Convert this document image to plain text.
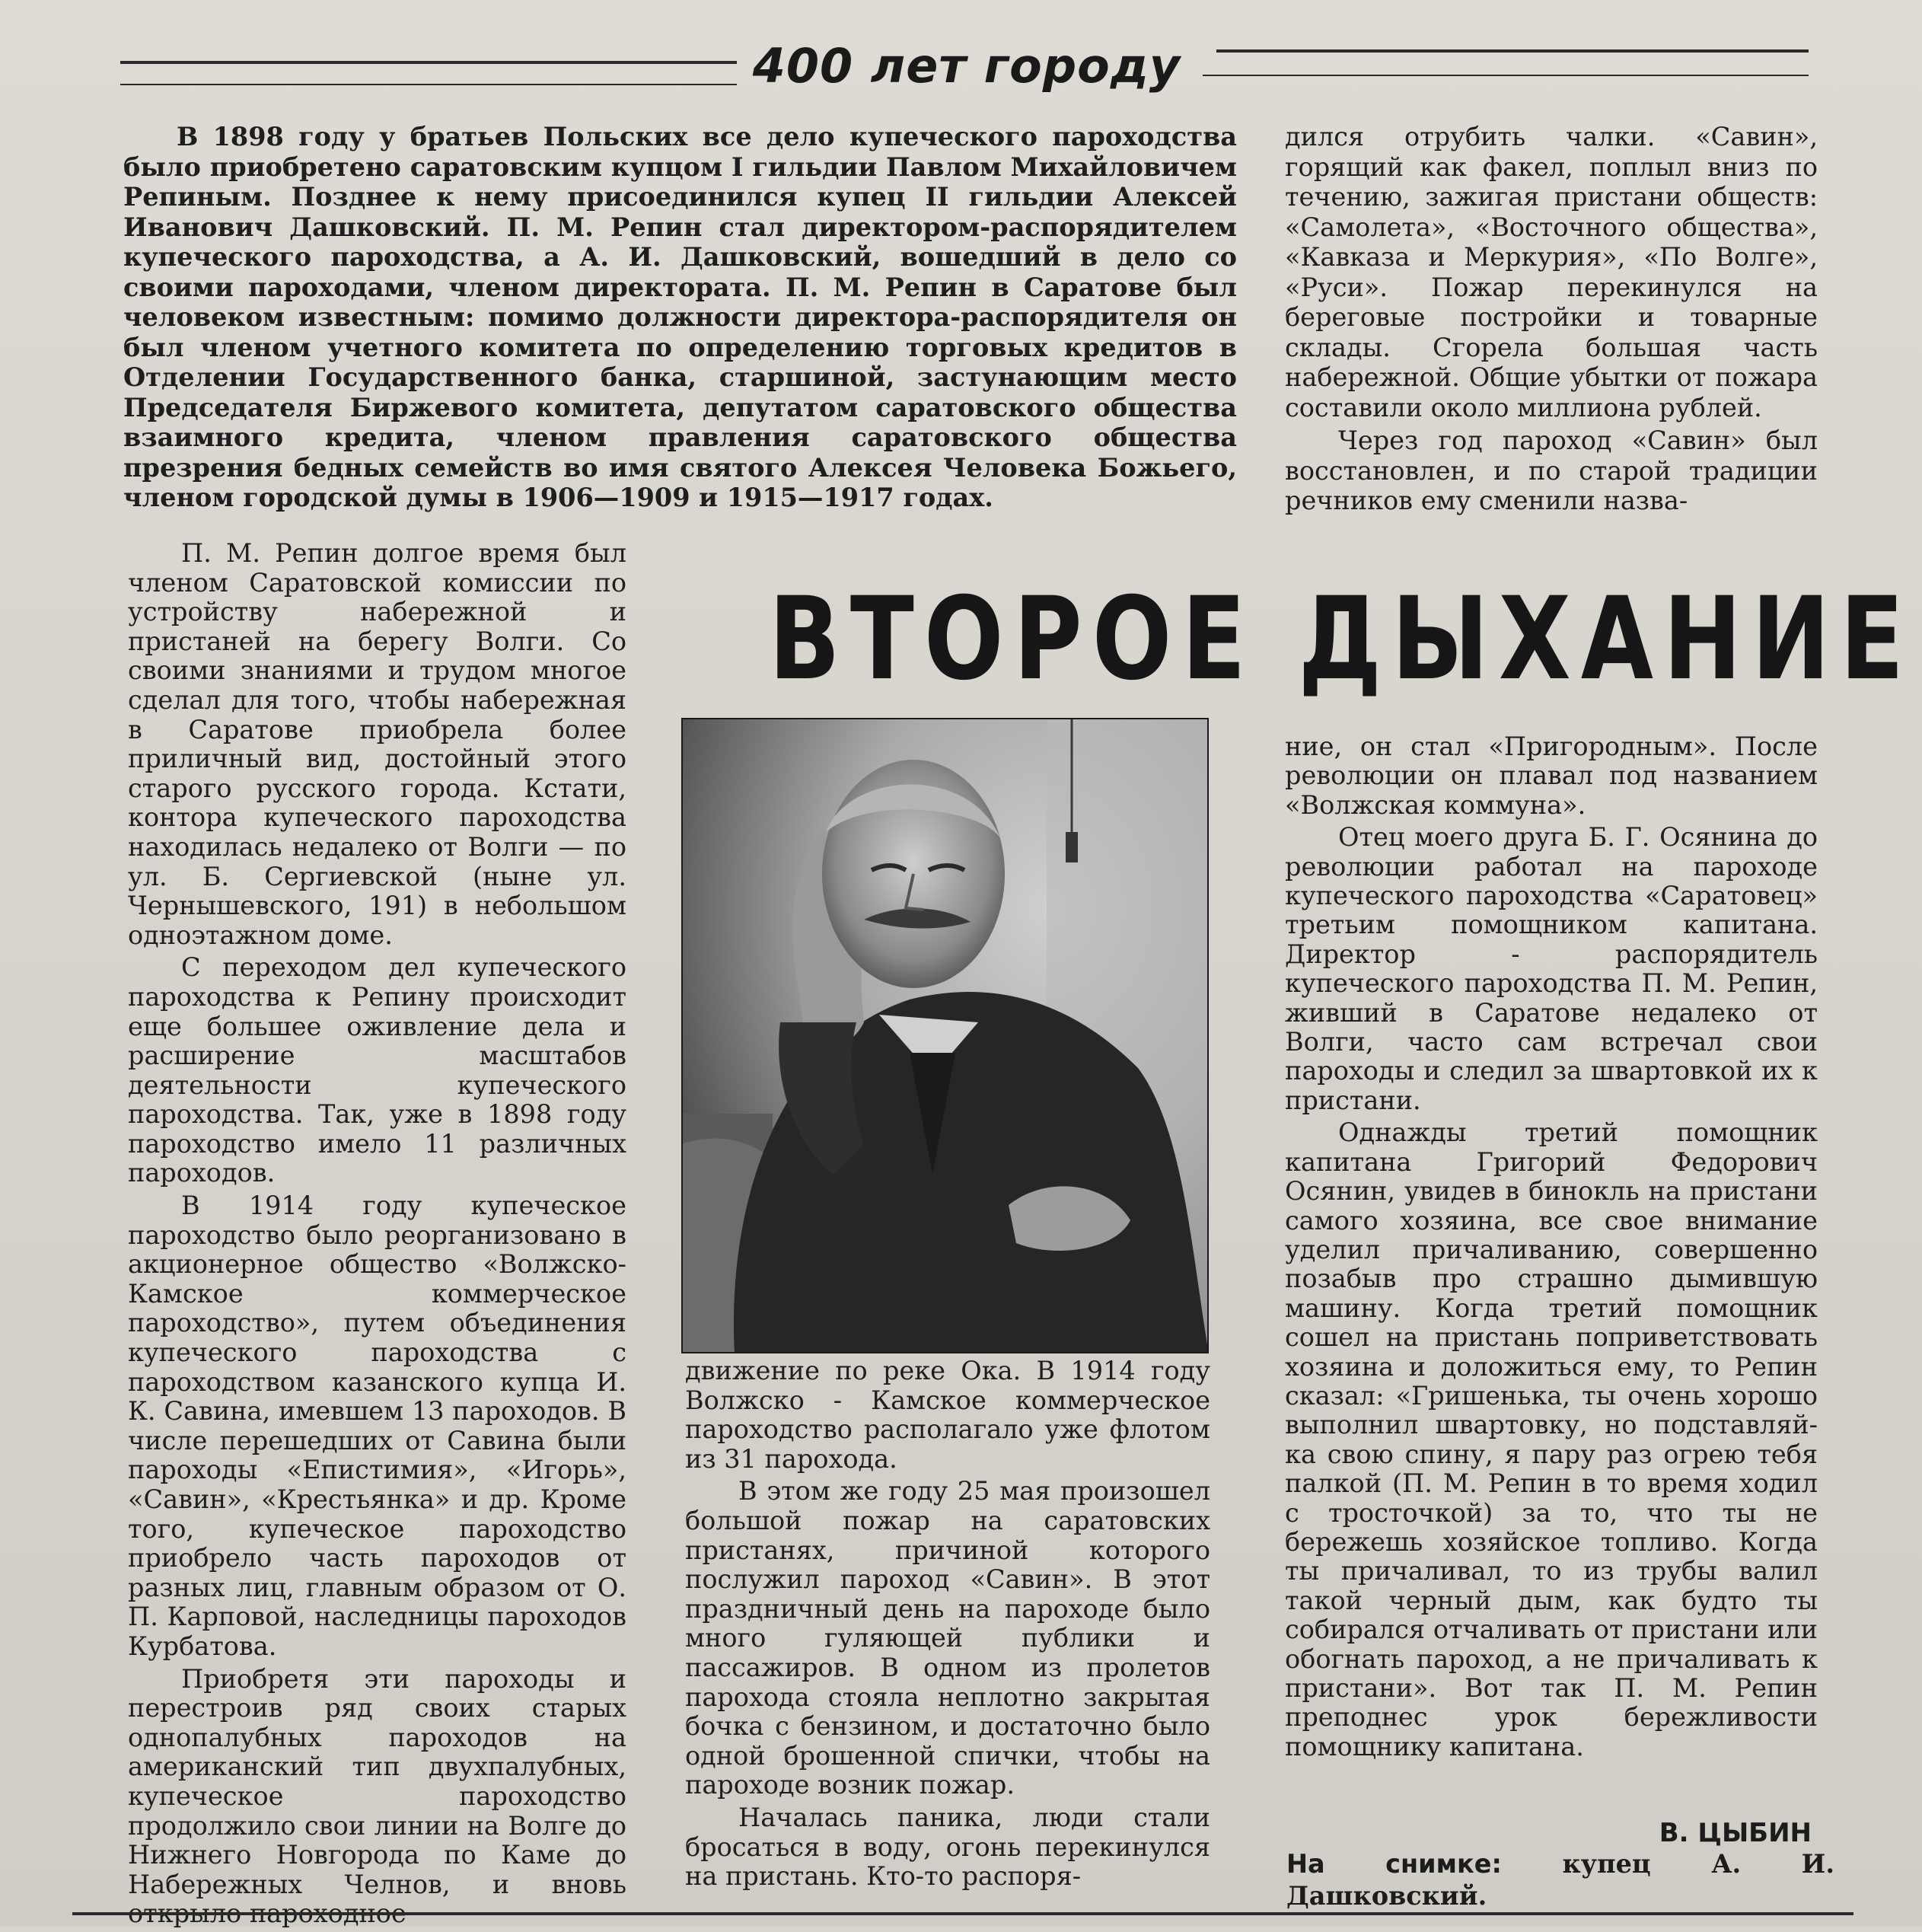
400 лет городу

В 1898 году у братьев Польских все дело купеческого пароходства было приобретено саратовским купцом I гильдии Павлом Михайловичем Репиным. Позднее к нему присоединился купец II гильдии Алексей Иванович Дашковский. П. М. Репин стал директором-распорядителем купеческого пароходства, а А. И. Дашковский, вошедший в дело со своими пароходами, членом директората. П. М. Репин в Саратове был человеком известным: помимо должности директора-распорядителя он был членом учетного комитета по определению торговых кредитов в Отделении Государственного банка, старшиной, застунающим место Председателя Биржевого комитета, депутатом саратовского общества взаимного кредита, членом правления саратовского общества презрения бедных семейств во имя святого Алексея Человека Божьего, членом городской думы в 1906—1909 и 1915—1917 годах.

дился отрубить чалки. «Савин», горящий как факел, поплыл вниз по течению, зажигая пристани обществ: «Самолета», «Восточного общества», «Кавказа и Меркурия», «По Волге», «Руси». Пожар перекинулся на береговые постройки и товарные склады. Сгорела большая часть набережной. Общие убытки от пожара составили около миллиона рублей.

Через год пароход «Савин» был восстановлен, и по старой традиции речников ему сменили назва-

ВТОРОЕ ДЫХАНИЕ

П. М. Репин долгое время был членом Саратовской комиссии по устройству набережной и пристаней на берегу Волги. Со своими знаниями и трудом многое сделал для того, чтобы набережная в Саратове приобрела более приличный вид, достойный этого старого русского города. Кстати, контора купеческого пароходства находилась недалеко от Волги — по ул. Б. Сергиевской (ныне ул. Чернышевского, 191) в небольшом одноэтажном доме.

С переходом дел купеческого пароходства к Репину происходит еще большее оживление дела и расширение масштабов деятельности купеческого пароходства. Так, уже в 1898 году пароходство имело 11 различных пароходов.

В 1914 году купеческое пароходство было реорганизовано в акционерное общество «Волжско-Камское коммерческое пароходство», путем объединения купеческого пароходства с пароходством казанского купца И. К. Савина, имевшем 13 пароходов. В числе перешедших от Савина были пароходы «Епистимия», «Игорь», «Савин», «Крестьянка» и др. Кроме того, купеческое пароходство приобрело часть пароходов от разных лиц, главным образом от О. П. Карповой, наследницы пароходов Курбатова.

Приобретя эти пароходы и перестроив ряд своих старых однопалубных пароходов на американский тип двухпалубных, купеческое пароходство продолжило свои линии на Волге до Нижнего Новгорода по Каме до Набережных Челнов, и вновь открыло пароходное

движение по реке Ока. В 1914 году Волжско - Камское коммерческое пароходство располагало уже флотом из 31 парохода.

В этом же году 25 мая произошел большой пожар на саратовских пристанях, причиной которого послужил пароход «Савин». В этот праздничный день на пароходе было много гуляющей публики и пассажиров. В одном из пролетов парохода стояла неплотно закрытая бочка с бензином, и достаточно было одной брошенной спички, чтобы на пароходе возник пожар.

Началась паника, люди стали бросаться в воду, огонь перекинулся на пристань. Кто-то распоря-

ние, он стал «Пригородным». После революции он плавал под названием «Волжская коммуна».

Отец моего друга Б. Г. Осянина до революции работал на пароходе купеческого пароходства «Саратовец» третьим помощником капитана. Директор - распорядитель купеческого пароходства П. М. Репин, живший в Саратове недалеко от Волги, часто сам встречал свои пароходы и следил за швартовкой их к пристани.

Однажды третий помощник капитана Григорий Федорович Осянин, увидев в бинокль на пристани самого хозяина, все свое внимание уделил причаливанию, совершенно позабыв про страшно дымившую машину. Когда третий помощник сошел на пристань поприветствовать хозяина и доложиться ему, то Репин сказал: «Гришенька, ты очень хорошо выполнил швартовку, но подставляй-ка свою спину, я пару раз огрею тебя палкой (П. М. Репин в то время ходил с тросточкой) за то, что ты не бережешь хозяйское топливо. Когда ты причаливал, то из трубы валил такой черный дым, как будто ты собирался отчаливать от пристани или обогнать пароход, а не причаливать к пристани». Вот так П. М. Репин преподнес урок бережливости помощнику капитана.

В. ЦЫБИН
На снимке: купец А. И. Дашковский.
